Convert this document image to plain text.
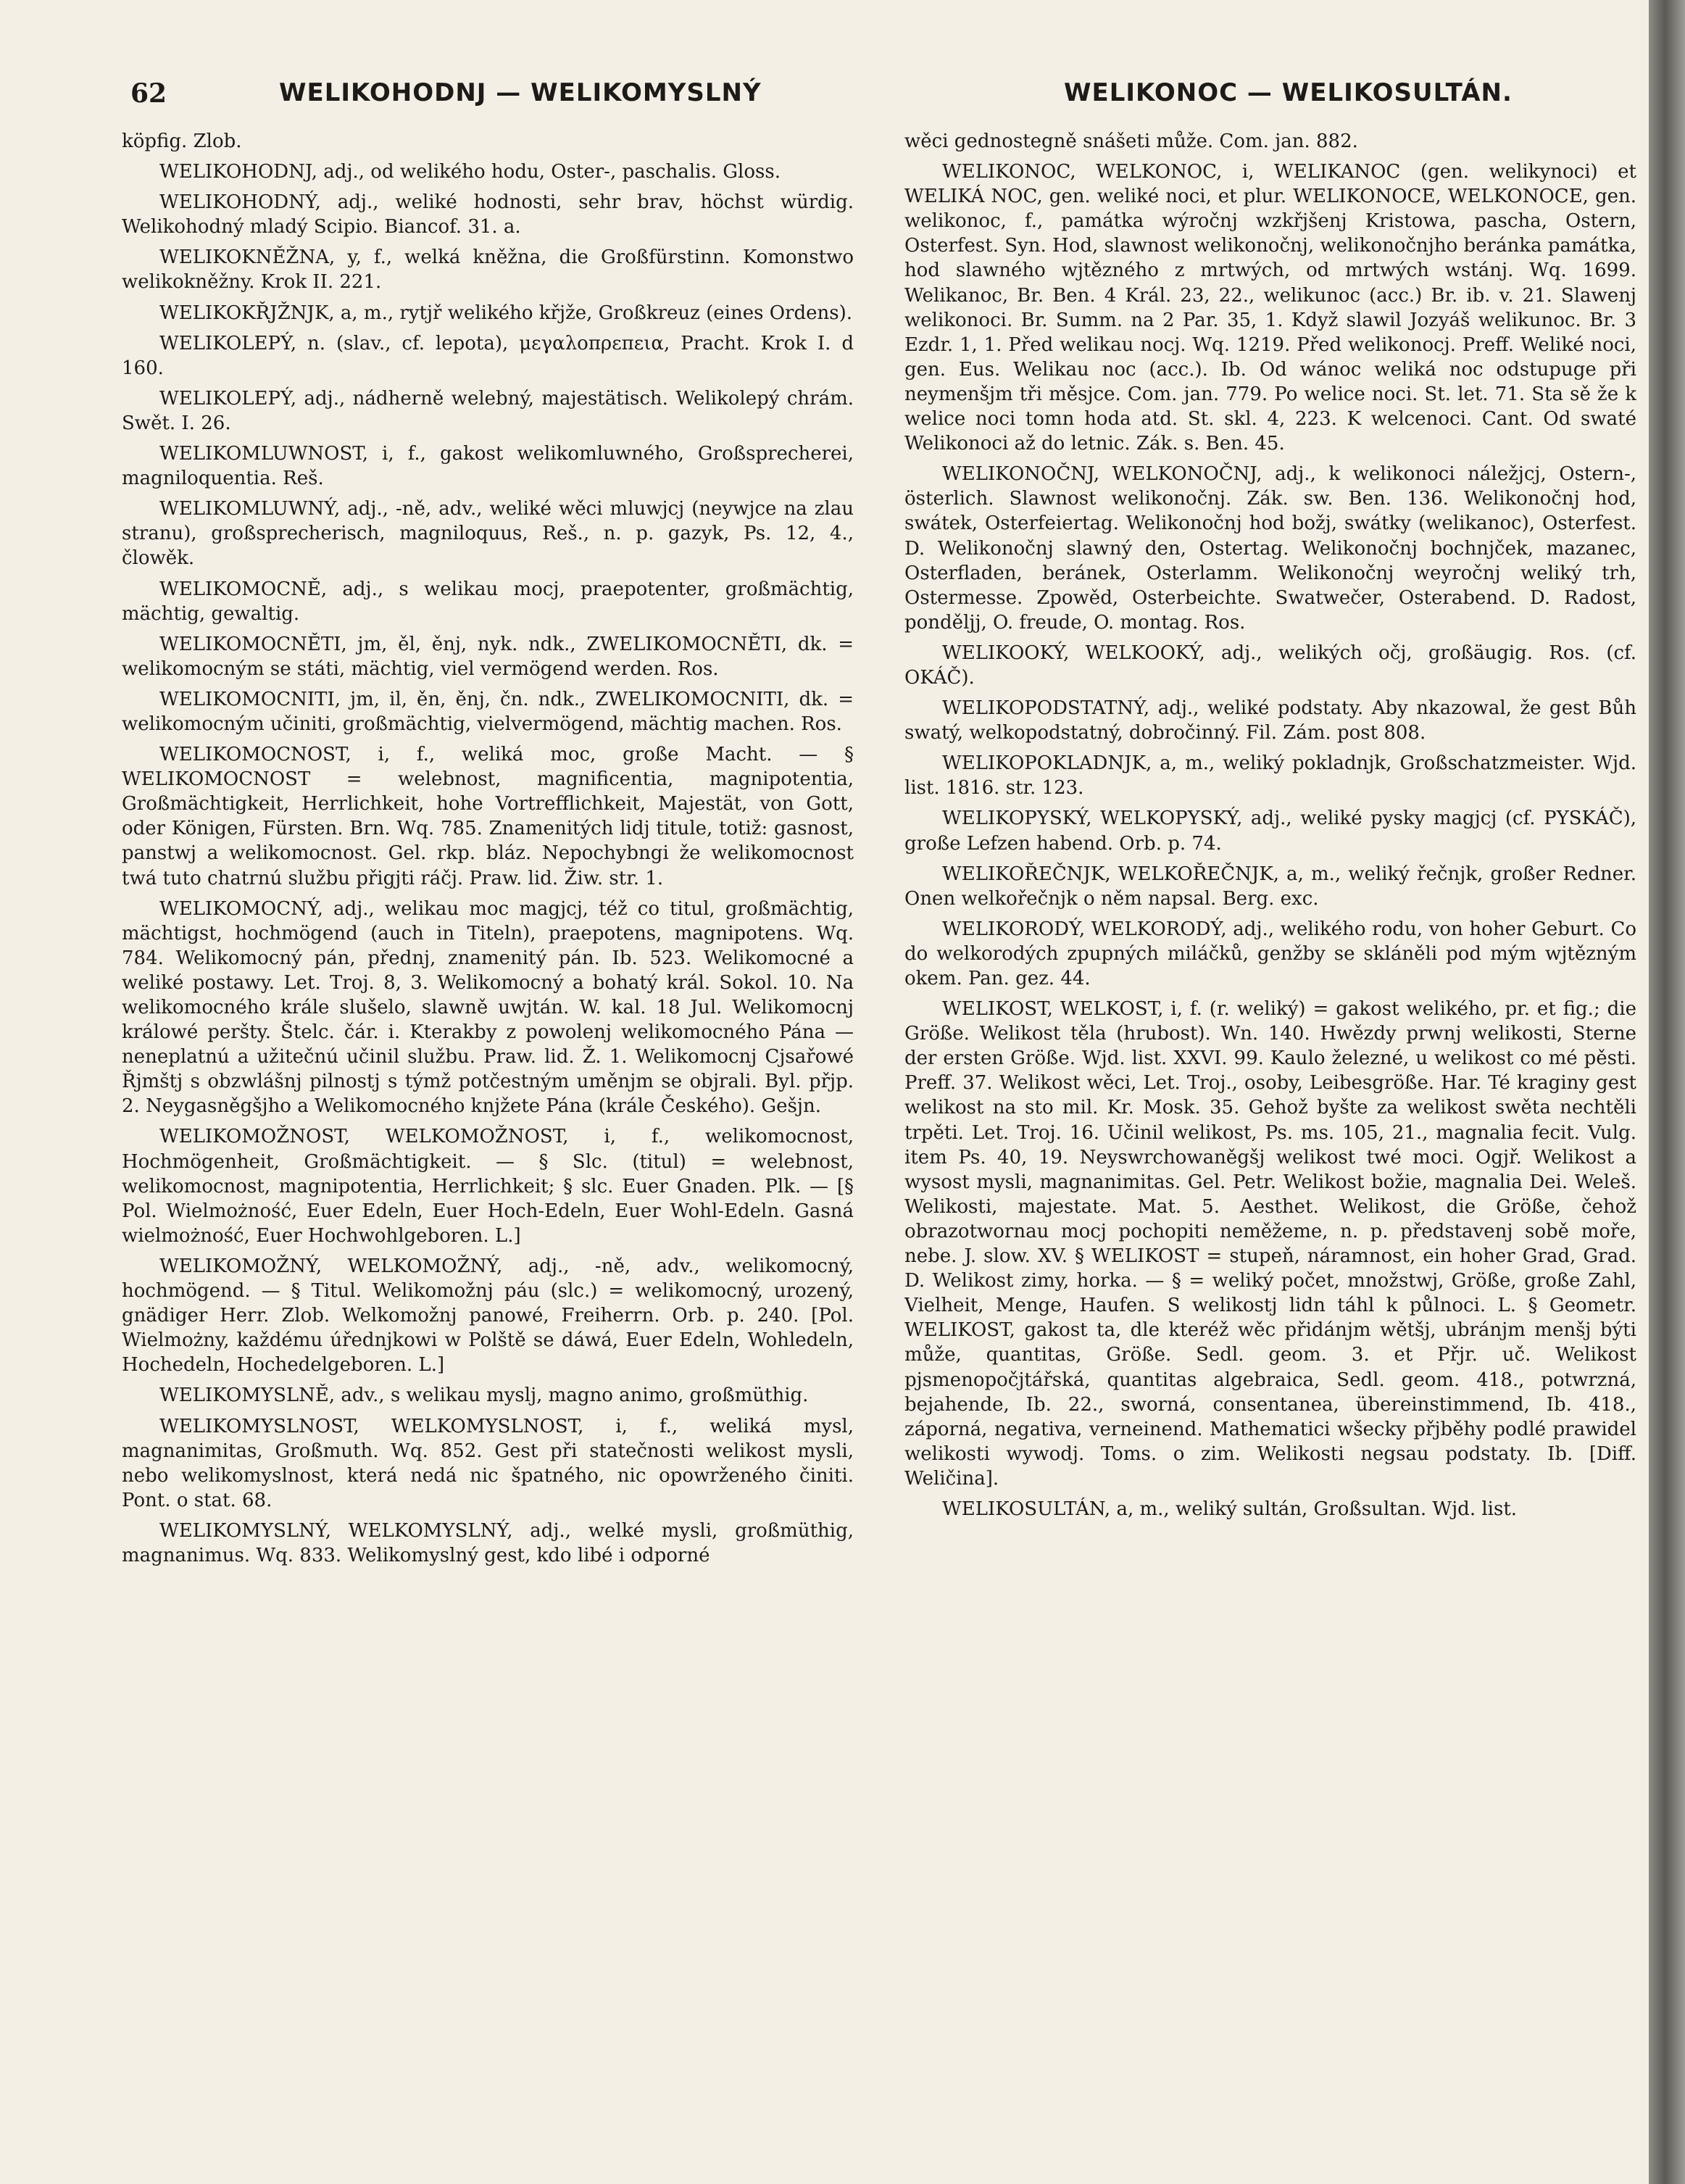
62	WELIKOHODNJ — WELIKOMYSLNÝ	WELIKONOC — WELIKOSULTÁN.

köpfig. Zlob.

WELIKOHODNJ, adj., od welikého hodu, Oster-, paschalis. Gloss.

WELIKOHODNÝ, adj., weliké hodnosti, sehr brav, höchst würdig. Welikohodný mladý Scipio. Biancof. 31. a.

WELIKOKNĚŽNA, y, f., welká kněžna, die Großfürstinn. Komonstwo welikokněžny. Krok II. 221.

WELIKOKŘJŽNJK, a, m., rytjř welikého křjže, Großkreuz (eines Ordens).

WELIKOLEPÝ, n. (slav., cf. lepota), μεγαλοπρεπεια, Pracht. Krok I. d 160.

WELIKOLEPÝ, adj., nádherně welebný, majestätisch. Welikolepý chrám. Swět. I. 26.

WELIKOMLUWNOST, i, f., gakost welikomluwného, Großsprecherei, magniloquentia. Reš.

WELIKOMLUWNÝ, adj., -ně, adv., weliké wěci mluwjcj (neywjce na zlau stranu), großsprecherisch, magniloquus, Reš., n. p. gazyk, Ps. 12, 4., člowěk.

WELIKOMOCNĚ, adj., s welikau mocj, praepotenter, großmächtig, mächtig, gewaltig.

WELIKOMOCNĚTI, jm, ěl, ěnj, nyk. ndk., ZWELIKOMOCNĚTI, dk. = welikomocným se státi, mächtig, viel vermögend werden. Ros.

WELIKOMOCNITI, jm, il, ěn, ěnj, čn. ndk., ZWELIKOMOCNITI, dk. = welikomocným učiniti, großmächtig, vielvermögend, mächtig machen. Ros.

WELIKOMOCNOST, i, f., weliká moc, große Macht. — § WELIKOMOCNOST = welebnost, magnificentia, magnipotentia, Großmächtigkeit, Herrlichkeit, hohe Vortrefflichkeit, Majestät, von Gott, oder Königen, Fürsten. Brn. Wq. 785. Znamenitých lidj titule, totiž: gasnost, panstwj a welikomocnost. Gel. rkp. bláz. Nepochybngi že welikomocnost twá tuto chatrnú službu přigjti ráčj. Praw. lid. Žiw. str. 1.

WELIKOMOCNÝ, adj., welikau moc magjcj, též co titul, großmächtig, mächtigst, hochmögend (auch in Titeln), praepotens, magnipotens. Wq. 784. Welikomocný pán, přednj, znamenitý pán. Ib. 523. Welikomocné a weliké postawy. Let. Troj. 8, 3. Welikomocný a bohatý král. Sokol. 10. Na welikomocného krále slušelo, slawně uwjtán. W. kal. 18 Jul. Welikomocnj králowé peršty. Štelc. čár. i. Kterakby z powolenj welikomocného Pána — neneplatnú a užitečnú učinil službu. Praw. lid. Ž. 1. Welikomocnj Cjsařowé Řjmštj s obzwlášnj pilnostj s týmž potčestným uměnjm se objrali. Byl. přjp. 2. Neygasněgšjho a Welikomocného knjžete Pána (krále Českého). Gešjn.

WELIKOMOŽNOST, WELKOMOŽNOST, i, f., welikomocnost, Hochmögenheit, Großmächtigkeit. — § Slc. (titul) = welebnost, welikomocnost, magnipotentia, Herrlichkeit; § slc. Euer Gnaden. Plk. — [§ Pol. Wielmożność, Euer Edeln, Euer Hoch-Edeln, Euer Wohl-Edeln. Gasná wielmożność, Euer Hochwohlgeboren. L.]

WELIKOMOŽNÝ, WELKOMOŽNÝ, adj., -ně, adv., welikomocný, hochmögend. — § Titul. Welikomožnj páu (slc.) = welikomocný, urozený, gnädiger Herr. Zlob. Welkomožnj panowé, Freiherrn. Orb. p. 240. [Pol. Wielmożny, každému úřednjkowi w Polště se dáwá, Euer Edeln, Wohledeln, Hochedeln, Hochedelgeboren. L.]

WELIKOMYSLNĚ, adv., s welikau myslj, magno animo, großmüthig.

WELIKOMYSLNOST, WELKOMYSLNOST, i, f., weliká mysl, magnanimitas, Großmuth. Wq. 852. Gest při statečnosti welikost mysli, nebo welikomyslnost, která nedá nic špatného, nic opowrženého činiti. Pont. o stat. 68.

WELIKOMYSLNÝ, WELKOMYSLNÝ, adj., welké mysli, großmüthig, magnanimus. Wq. 833. Welikomyslný gest, kdo libé i odporné

wěci gednostegně snášeti může. Com. jan. 882.

WELIKONOC, WELKONOC, i, WELIKANOC (gen. welikynoci) et WELIKÁ NOC, gen. weliké noci, et plur. WELIKONOCE, WELKONOCE, gen. welikonoc, f., památka wýročnj wzkřjšenj Kristowa, pascha, Ostern, Osterfest. Syn. Hod, slawnost welikonočnj, welikonočnjho beránka památka, hod slawného wjtězného z mrtwých, od mrtwých wstánj. Wq. 1699. Welikanoc, Br. Ben. 4 Král. 23, 22., welikunoc (acc.) Br. ib. v. 21. Slawenj welikonoci. Br. Summ. na 2 Par. 35, 1. Když slawil Jozyáš welikunoc. Br. 3 Ezdr. 1, 1. Před welikau nocj. Wq. 1219. Před welikonocj. Preff. Weliké noci, gen. Eus. Welikau noc (acc.). Ib. Od wánoc weliká noc odstupuge při neymenšjm tři měsjce. Com. jan. 779. Po welice noci. St. let. 71. Sta sě že k welice noci tomn hoda atd. St. skl. 4, 223. K welcenoci. Cant. Od swaté Welikonoci až do letnic. Zák. s. Ben. 45.

WELIKONOČNJ, WELKONOČNJ, adj., k welikonoci náležjcj, Ostern-, österlich. Slawnost welikonočnj. Zák. sw. Ben. 136. Welikonočnj hod, swátek, Osterfeiertag. Welikonočnj hod božj, swátky (welikanoc), Osterfest. D. Welikonočnj slawný den, Ostertag. Welikonočnj bochnjček, mazanec, Osterfladen, beránek, Osterlamm. Welikonočnj weyročnj weliký trh, Ostermesse. Zpowěd, Osterbeichte. Swatwečer, Osterabend. D. Radost, ponděljj, O. freude, O. montag. Ros.

WELIKOOKÝ, WELKOOKÝ, adj., welikých očj, großäugig. Ros. (cf. OKÁČ).

WELIKOPODSTATNÝ, adj., weliké podstaty. Aby nkazowal, že gest Bůh swatý, welkopodstatný, dobročinný. Fil. Zám. post 808.

WELIKOPOKLADNJK, a, m., weliký pokladnjk, Großschatzmeister. Wjd. list. 1816. str. 123.

WELIKOPYSKÝ, WELKOPYSKÝ, adj., weliké pysky magjcj (cf. PYSKÁČ), große Lefzen habend. Orb. p. 74.

WELIKOŘEČNJK, WELKOŘEČNJK, a, m., weliký řečnjk, großer Redner. Onen welkořečnjk o něm napsal. Berg. exc.

WELIKORODÝ, WELKORODÝ, adj., welikého rodu, von hoher Geburt. Co do welkorodých zpupných miláčků, genžby se skláněli pod mým wjtězným okem. Pan. gez. 44.

WELIKOST, WELKOST, i, f. (r. weliký) = gakost welikého, pr. et fig.; die Größe. Welikost těla (hrubost). Wn. 140. Hwězdy prwnj welikosti, Sterne der ersten Größe. Wjd. list. XXVI. 99. Kaulo železné, u welikost co mé pěsti. Preff. 37. Welikost wěci, Let. Troj., osoby, Leibesgröße. Har. Té kraginy gest welikost na sto mil. Kr. Mosk. 35. Gehož byšte za welikost swěta nechtěli trpěti. Let. Troj. 16. Učinil welikost, Ps. ms. 105, 21., magnalia fecit. Vulg. item Ps. 40, 19. Neyswrchowaněgšj welikost twé moci. Ogjř. Welikost a wysost mysli, magnanimitas. Gel. Petr. Welikost božie, magnalia Dei. Weleš. Welikosti, majestate. Mat. 5. Aesthet. Welikost, die Größe, čehož obrazotwornau mocj pochopiti neměžeme, n. p. představenj sobě moře, nebe. J. slow. XV. § WELIKOST = stupeň, náramnost, ein hoher Grad, Grad. D. Welikost zimy, horka. — § = weliký počet, množstwj, Größe, große Zahl, Vielheit, Menge, Haufen. S welikostj lidn táhl k půlnoci. L. § Geometr. WELIKOST, gakost ta, dle kteréž wěc přidánjm wětšj, ubránjm menšj býti může, quantitas, Größe. Sedl. geom. 3. et Přjr. uč. Welikost pjsmenopočjtářská, quantitas algebraica, Sedl. geom. 418., potwrzná, bejahende, Ib. 22., sworná, consentanea, übereinstimmend, Ib. 418., záporná, negativa, verneinend. Mathematici wšecky přjběhy podlé prawidel welikosti wywodj. Toms. o zim. Welikosti negsau podstaty. Ib. [Diff. Weličina].

WELIKOSULTÁN, a, m., weliký sultán, Großsultan. Wjd. list.
